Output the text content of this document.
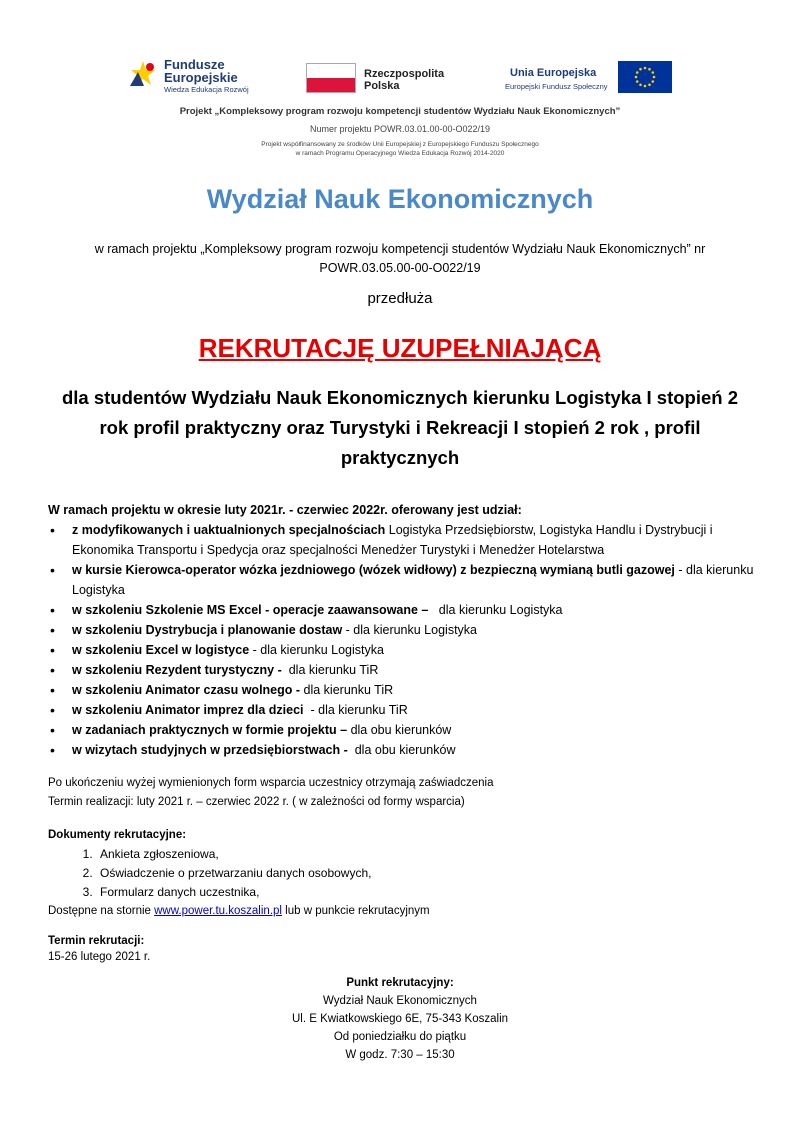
Fundusze
Europejskie
Wiedza Edukacja Rozwój
Rzeczpospolita
Polska
Unia Europejska
Europejski Fundusz Społeczny
Projekt „Kompleksowy program rozwoju kompetencji studentów Wydziału Nauk Ekonomicznych”
Numer projektu POWR.03.01.00-00-O022/19
Projekt współfinansowany ze środków Unii Europejskiej z Europejskiego Funduszu Społecznego
w ramach Programu Operacyjnego Wiedza Edukacja Rozwój 2014-2020
Wydział Nauk Ekonomicznych
w ramach projektu „Kompleksowy program rozwoju kompetencji studentów Wydziału Nauk Ekonomicznych” nr
POWR.03.05.00-00-O022/19
przedłuża
REKRUTACJĘ UZUPEŁNIAJĄCĄ
dla studentów Wydziału Nauk Ekonomicznych kierunku Logistyka I stopień 2
rok profil praktyczny oraz Turystyki i Rekreacji I stopień 2 rok , profil
praktycznych
W ramach projektu w okresie luty 2021r. - czerwiec 2022r. oferowany jest udział:
• z modyfikowanych i uaktualnionych specjalnościach Logistyka Przedsiębiorstw, Logistyka Handlu i Dystrybucji i Ekonomika Transportu i Spedycja oraz specjalności Menedżer Turystyki i Menedżer Hotelarstwa
• w kursie Kierowca-operator wózka jezdniowego (wózek widłowy) z bezpieczną wymianą butli gazowej - dla kierunku Logistyka
• w szkoleniu Szkolenie MS Excel - operacje zaawansowane –   dla kierunku Logistyka
• w szkoleniu Dystrybucja i planowanie dostaw - dla kierunku Logistyka
• w szkoleniu Excel w logistyce - dla kierunku Logistyka
• w szkoleniu Rezydent turystyczny -  dla kierunku TiR
• w szkoleniu Animator czasu wolnego - dla kierunku TiR
• w szkoleniu Animator imprez dla dzieci  - dla kierunku TiR
• w zadaniach praktycznych w formie projektu – dla obu kierunków
• w wizytach studyjnych w przedsiębiorstwach -  dla obu kierunków
Po ukończeniu wyżej wymienionych form wsparcia uczestnicy otrzymają zaświadczenia
Termin realizacji: luty 2021 r. – czerwiec 2022 r. ( w zależności od formy wsparcia)
Dokumenty rekrutacyjne:
1. Ankieta zgłoszeniowa,
2. Oświadczenie o przetwarzaniu danych osobowych,
3. Formularz danych uczestnika,
Dostępne na stornie www.power.tu.koszalin.pl lub w punkcie rekrutacyjnym
Termin rekrutacji:
15-26 lutego 2021 r.
Punkt rekrutacyjny:
Wydział Nauk Ekonomicznych
Ul. E Kwiatkowskiego 6E, 75-343 Koszalin
Od poniedziałku do piątku
W godz. 7:30 – 15:30
